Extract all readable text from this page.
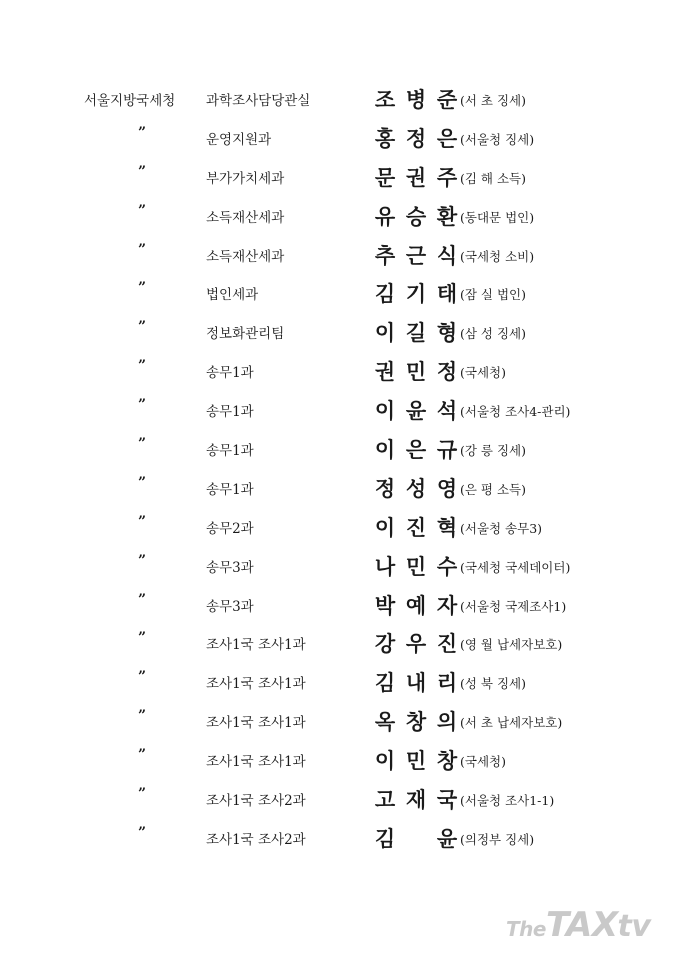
서울지방국세청 과학조사담당관실	조 병 준 (서 초 징세)
”	운영지원과	홍 정 은 (서울청 징세)
”	부가가치세과	문 권 주 (김 해 소득)
”	소득재산세과	유 승 환 (동대문 법인)
”	소득재산세과	추 근 식 (국세청 소비)
”	법인세과	김 기 태 (잠 실 법인)
”	정보화관리팀	이 길 형 (삼 성 징세)
”	송무1과	권 민 정 (국세청)
”	송무1과	이 윤 석 (서울청 조사4-관리)
”	송무1과	이 은 규 (강 릉 징세)
”	송무1과	정 성 영 (은 평 소득)
”	송무2과	이 진 혁 (서울청 송무3)
”	송무3과	나 민 수 (국세청 국세데이터)
”	송무3과	박 예 자 (서울청 국제조사1)
”	조사1국 조사1과	강 우 진 (영 월 납세자보호)
”	조사1국 조사1과	김 내 리 (성 북 징세)
”	조사1국 조사1과	옥 창 의 (서 초 납세자보호)
”	조사1국 조사1과	이 민 창 (국세청)
”	조사1국 조사2과	고 재 국 (서울청 조사1-1)
”	조사1국 조사2과	김 윤 (의정부 징세)
TheTAXtv
